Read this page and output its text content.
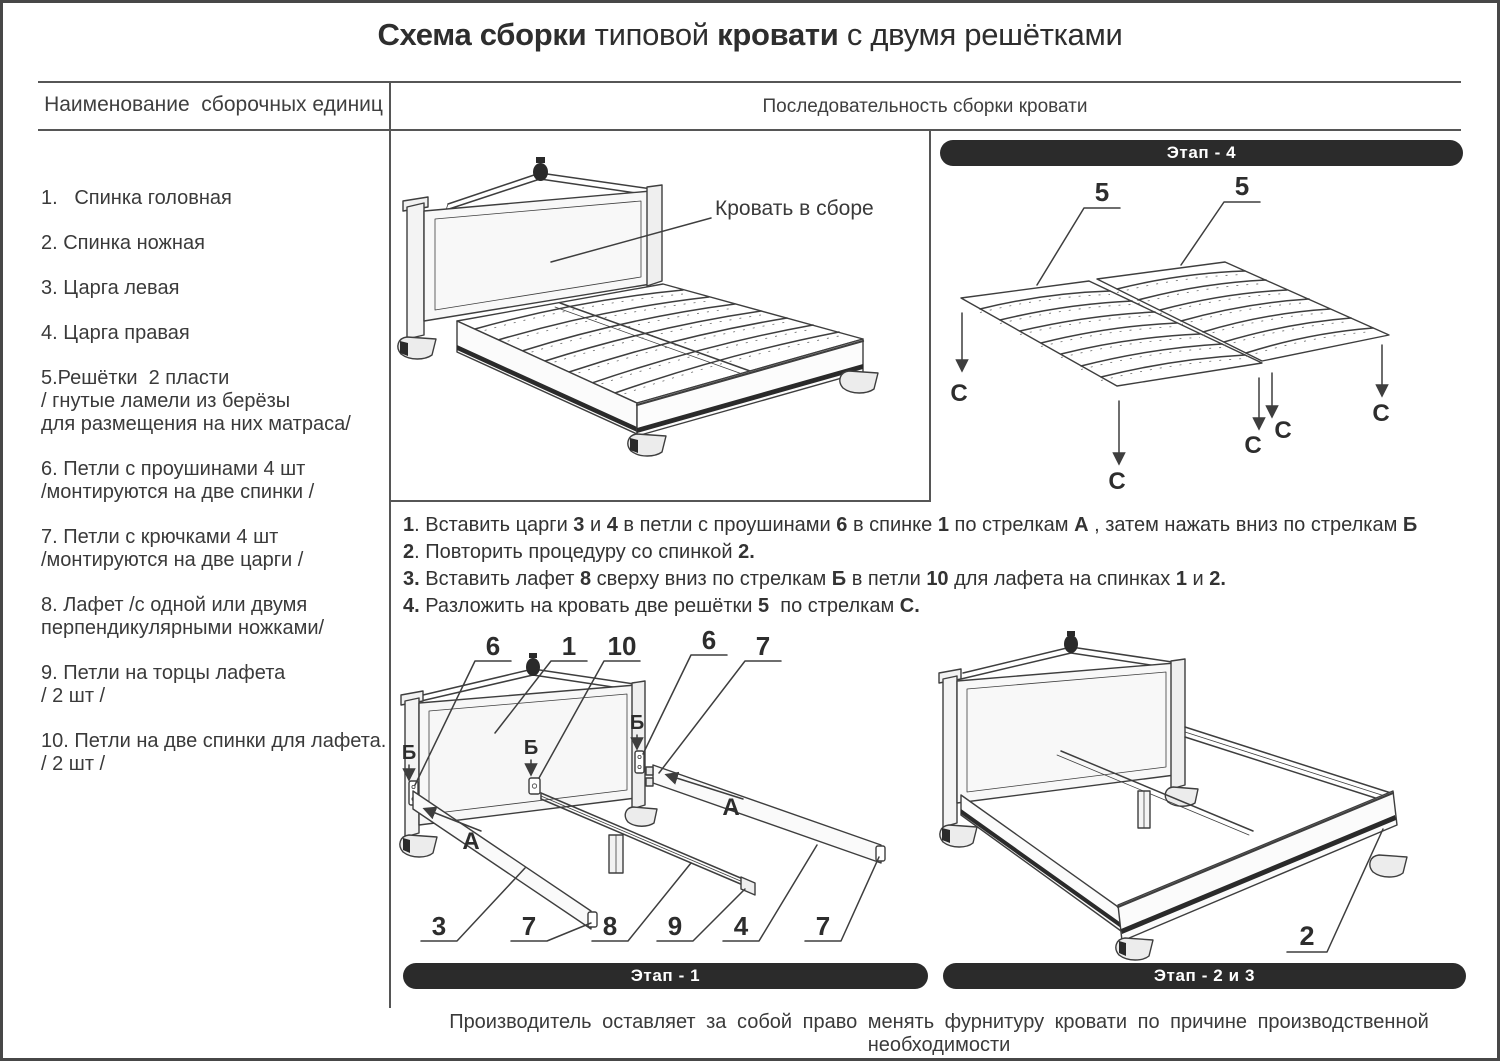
Схема сборки типовой кровати с двумя решётками
Наименование  сборочных единиц	Последовательность сборки кровати
1.   Спинка головная
2. Спинка ножная
3. Царга левая
4. Царга правая
5.Решётки  2 пласти
/ гнутые ламели из берёзы
для размещения на них матраса/
6. Петли с проушинами 4 шт
/монтируются на две спинки /
7. Петли с крючками 4 шт
/монтируются на две царги /
8. Лафет /с одной или двумя
перпендикулярными ножками/
9. Петли на торцы лафета
/ 2 шт /
10. Петли на две спинки для лафета.
/ 2 шт /
Кровать в сборе
Этап - 4
5	5
С
С
С
С
С
1. Вставить царги 3 и 4 в петли с проушинами 6 в спинке 1 по стрелкам А , затем нажать вниз по стрелкам Б
2. Повторить процедуру со спинкой 2.
3. Вставить лафет 8 сверху вниз по стрелкам Б в петли 10 для лафета на спинках 1 и 2.
4. Разложить на кровать две решётки 5  по стрелкам С.
А
А
6 1 10	6 7
Б	Б
Б
3	7	8 9 4	7
Этап - 1
2
Этап - 2 и 3
Производитель оставляет за собой право менять фурнитуру кровати по причине производственной необходимости
